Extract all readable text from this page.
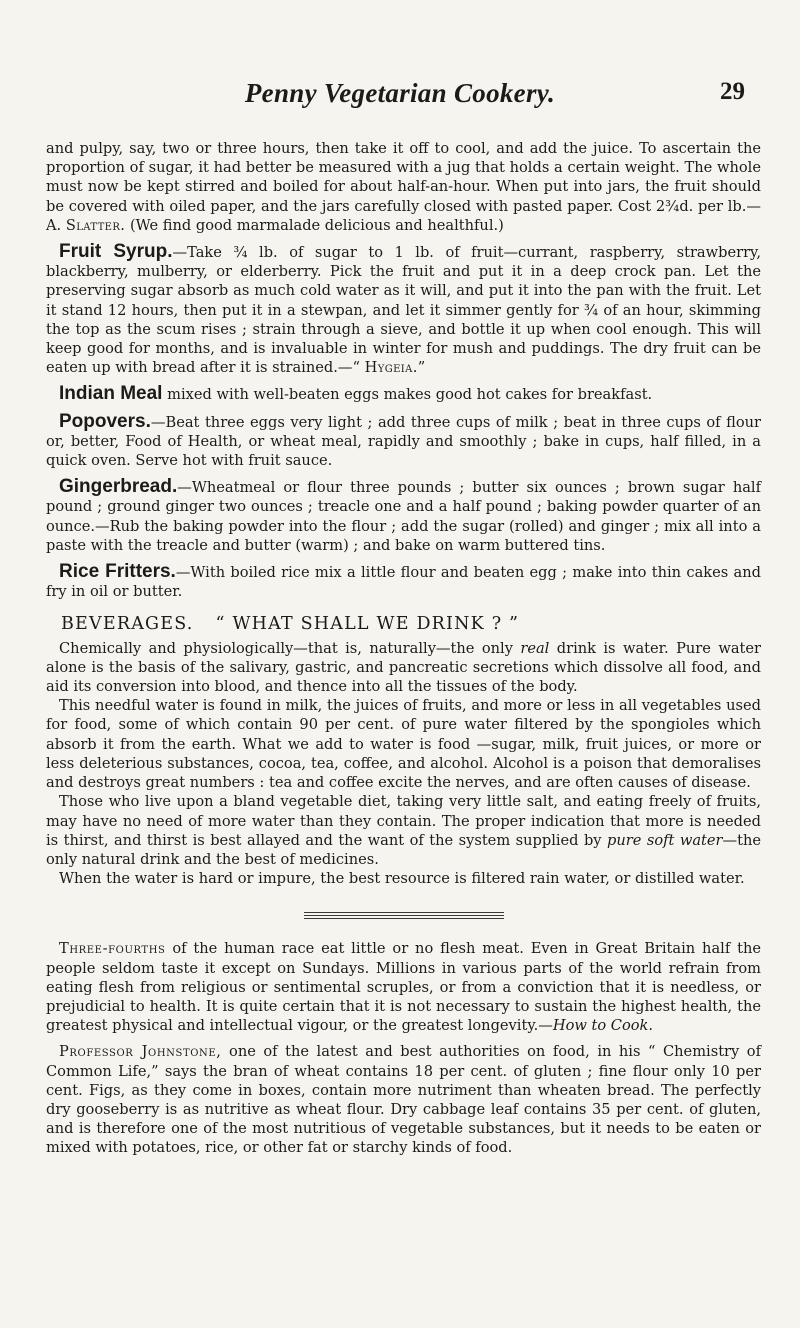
Penny Vegetarian Cookery.	29

and pulpy, say, two or three hours, then take it off to cool, and add the juice. To ascertain the proportion of sugar, it had better be measured with a jug that holds a certain weight. The whole must now be kept stirred and boiled for about half-an-hour. When put into jars, the fruit should be covered with oiled paper, and the jars carefully closed with pasted paper. Cost 2¾d. per lb.—A. Slatter. (We find good marmalade delicious and healthful.)

Fruit Syrup.—Take ¾ lb. of sugar to 1 lb. of fruit—currant, raspberry, strawberry, blackberry, mulberry, or elderberry. Pick the fruit and put it in a deep crock pan. Let the preserving sugar absorb as much cold water as it will, and put it into the pan with the fruit. Let it stand 12 hours, then put it in a stewpan, and let it simmer gently for ¾ of an hour, skimming the top as the scum rises ; strain through a sieve, and bottle it up when cool enough. This will keep good for months, and is invaluable in winter for mush and puddings. The dry fruit can be eaten up with bread after it is strained.—“ Hygeia.”

Indian Meal mixed with well-beaten eggs makes good hot cakes for breakfast.

Popovers.—Beat three eggs very light ; add three cups of milk ; beat in three cups of flour or, better, Food of Health, or wheat meal, rapidly and smoothly ; bake in cups, half filled, in a quick oven. Serve hot with fruit sauce.

Gingerbread.—Wheatmeal or flour three pounds ; butter six ounces ; brown sugar half pound ; ground ginger two ounces ; treacle one and a half pound ; baking powder quarter of an ounce.—Rub the baking powder into the flour ; add the sugar (rolled) and ginger ; mix all into a paste with the treacle and butter (warm) ; and bake on warm buttered tins.

Rice Fritters.—With boiled rice mix a little flour and beaten egg ; make into thin cakes and fry in oil or butter.

BEVERAGES. “ WHAT SHALL WE DRINK ? ”

Chemically and physiologically—that is, naturally—the only real drink is water. Pure water alone is the basis of the salivary, gastric, and pancreatic secretions which dissolve all food, and aid its conversion into blood, and thence into all the tissues of the body.

This needful water is found in milk, the juices of fruits, and more or less in all vegetables used for food, some of which contain 90 per cent. of pure water filtered by the spongioles which absorb it from the earth. What we add to water is food —sugar, milk, fruit juices, or more or less deleterious substances, cocoa, tea, coffee, and alcohol. Alcohol is a poison that demoralises and destroys great numbers : tea and coffee excite the nerves, and are often causes of disease.

Those who live upon a bland vegetable diet, taking very little salt, and eating freely of fruits, may have no need of more water than they contain. The proper indication that more is needed is thirst, and thirst is best allayed and the want of the system supplied by pure soft water—the only natural drink and the best of medicines.

When the water is hard or impure, the best resource is filtered rain water, or distilled water.

Three-fourths of the human race eat little or no flesh meat. Even in Great Britain half the people seldom taste it except on Sundays. Millions in various parts of the world refrain from eating flesh from religious or sentimental scruples, or from a conviction that it is needless, or prejudicial to health. It is quite certain that it is not necessary to sustain the highest health, the greatest physical and intellectual vigour, or the greatest longevity.—How to Cook.

Professor Johnstone, one of the latest and best authorities on food, in his “ Chemistry of Common Life,” says the bran of wheat contains 18 per cent. of gluten ; fine flour only 10 per cent. Figs, as they come in boxes, contain more nutriment than wheaten bread. The perfectly dry gooseberry is as nutritive as wheat flour. Dry cabbage leaf contains 35 per cent. of gluten, and is therefore one of the most nutritious of vegetable substances, but it needs to be eaten or mixed with potatoes, rice, or other fat or starchy kinds of food.
